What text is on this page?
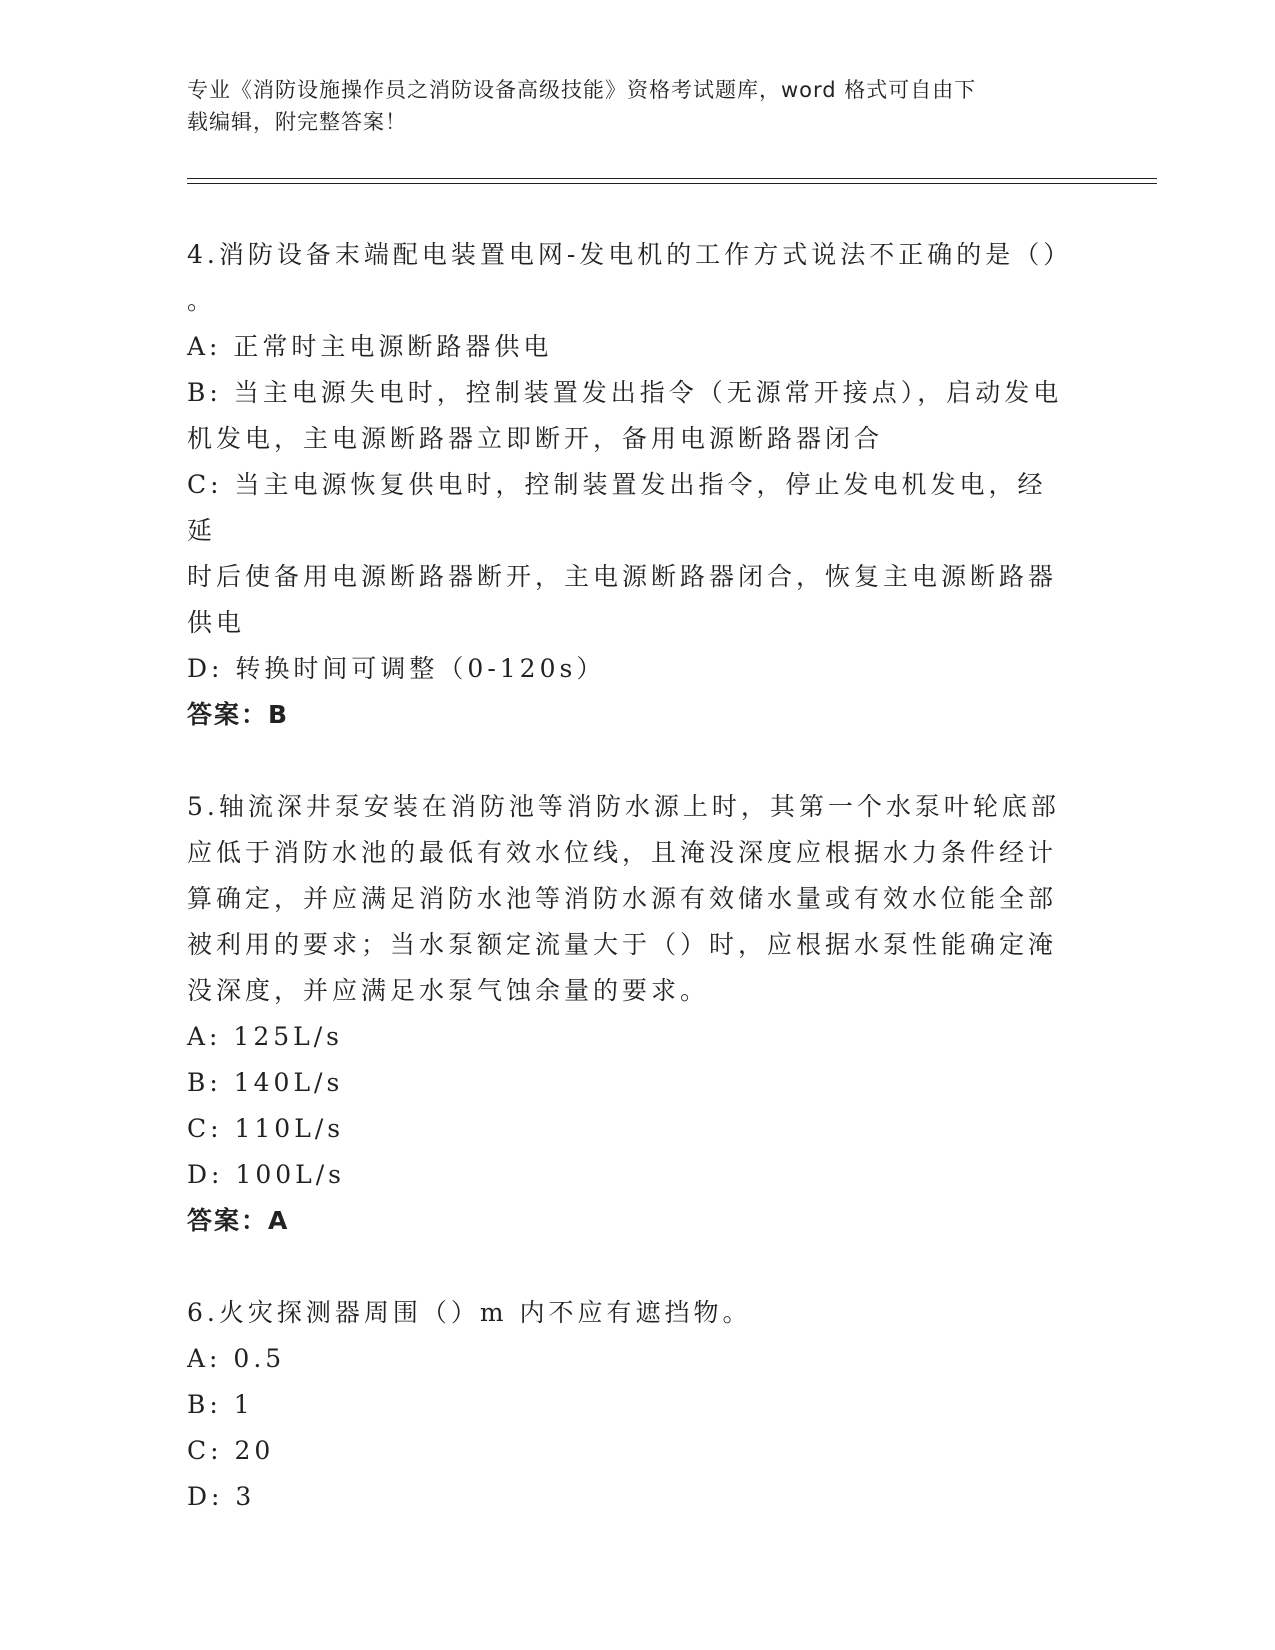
专业《消防设施操作员之消防设备高级技能》资格考试题库，word 格式可自由下
载编辑，附完整答案！
4.消防设备末端配电装置电网-发电机的工作方式说法不正确的是（）
。
A: 正常时主电源断路器供电
B: 当主电源失电时，控制装置发出指令（无源常开接点），启动发电
机发电，主电源断路器立即断开，备用电源断路器闭合
C: 当主电源恢复供电时，控制装置发出指令，停止发电机发电，经延
时后使备用电源断路器断开，主电源断路器闭合，恢复主电源断路器
供电
D: 转换时间可调整（0-120s）
答案：B
5.轴流深井泵安装在消防池等消防水源上时，其第一个水泵叶轮底部
应低于消防水池的最低有效水位线，且淹没深度应根据水力条件经计
算确定，并应满足消防水池等消防水源有效储水量或有效水位能全部
被利用的要求；当水泵额定流量大于（）时，应根据水泵性能确定淹
没深度，并应满足水泵气蚀余量的要求。
A: 125L/s
B: 140L/s
C: 110L/s
D: 100L/s
答案：A
6.火灾探测器周围（）m 内不应有遮挡物。
A: 0.5
B: 1
C: 20
D: 3
